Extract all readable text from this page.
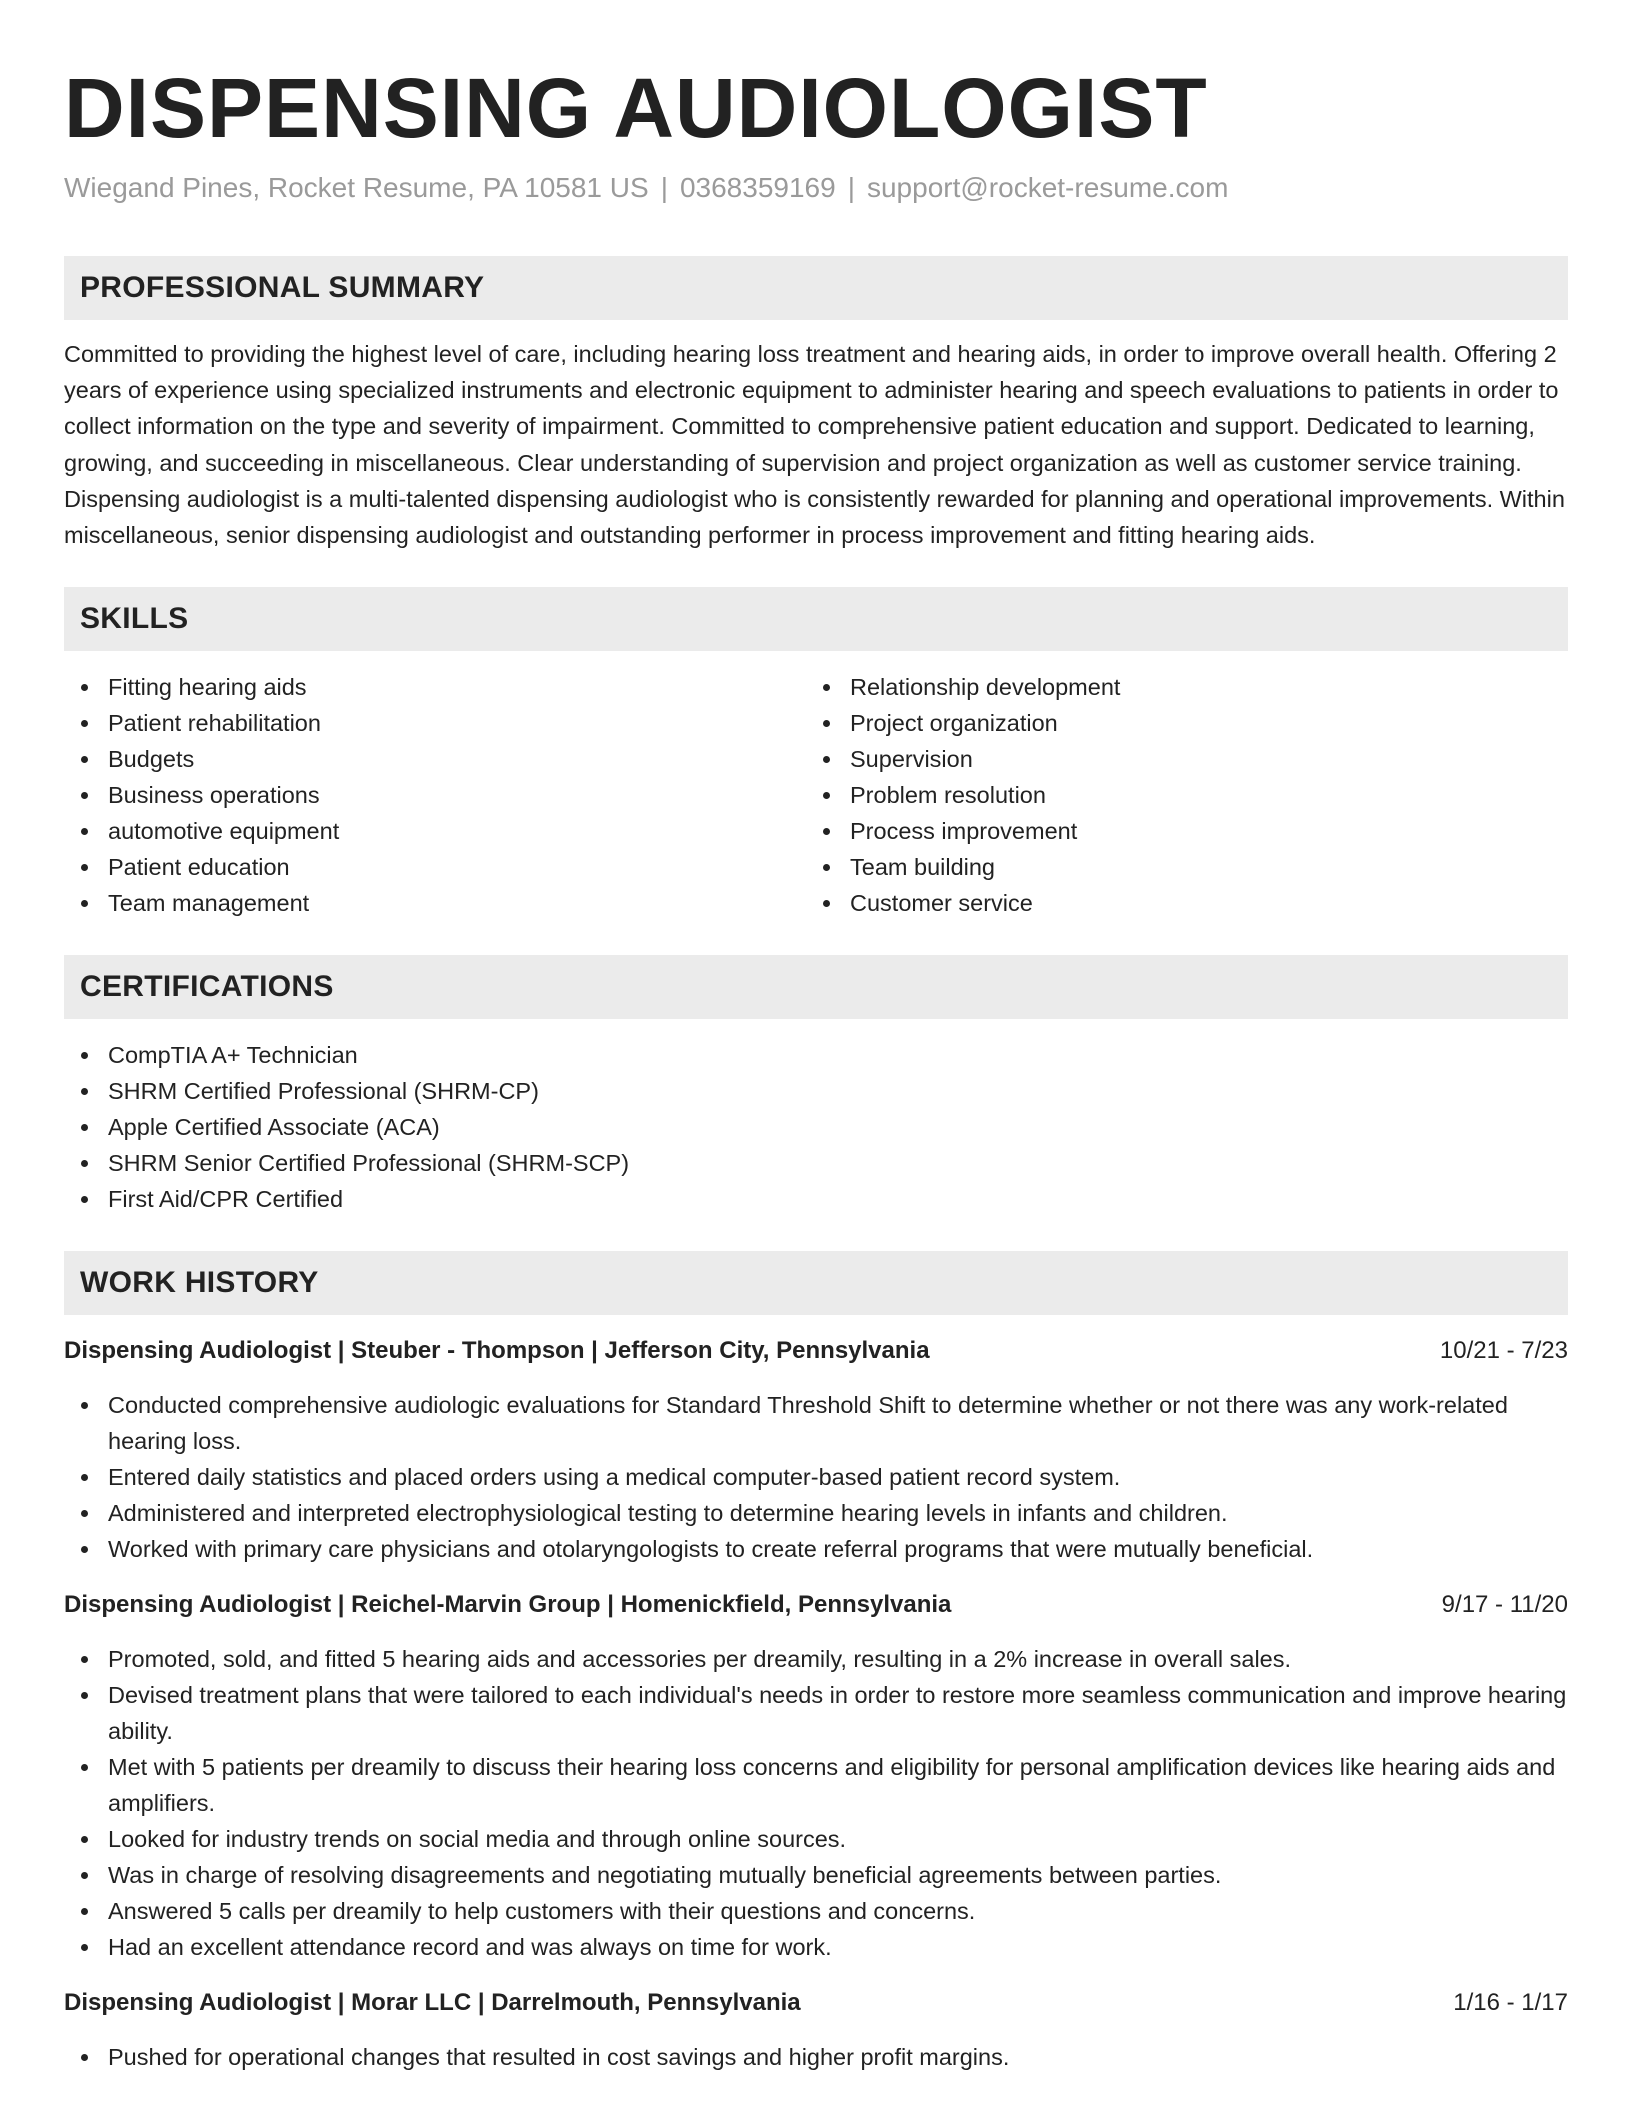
DISPENSING AUDIOLOGIST
Wiegand Pines, Rocket Resume, PA 10581 US | 0368359169 | support@rocket-resume.com
PROFESSIONAL SUMMARY

Committed to providing the highest level of care, including hearing loss treatment and hearing aids, in order to improve overall health. Offering 2 years of experience using specialized instruments and electronic equipment to administer hearing and speech evaluations to patients in order to collect information on the type and severity of impairment. Committed to comprehensive patient education and support. Dedicated to learning, growing, and succeeding in miscellaneous. Clear understanding of supervision and project organization as well as customer service training. Dispensing audiologist is a multi-talented dispensing audiologist who is consistently rewarded for planning and operational improvements. Within miscellaneous, senior dispensing audiologist and outstanding performer in process improvement and fitting hearing aids.

SKILLS
Fitting hearing aids
Patient rehabilitation
Budgets
Business operations
automotive equipment
Patient education
Team management
Relationship development
Project organization
Supervision
Problem resolution
Process improvement
Team building
Customer service
CERTIFICATIONS
CompTIA A+ Technician
SHRM Certified Professional (SHRM-CP)
Apple Certified Associate (ACA)
SHRM Senior Certified Professional (SHRM-SCP)
First Aid/CPR Certified
WORK HISTORY
Dispensing Audiologist | Steuber - Thompson | Jefferson City, Pennsylvania	10/21 - 7/23
Conducted comprehensive audiologic evaluations for Standard Threshold Shift to determine whether or not there was any work-related hearing loss.
Entered daily statistics and placed orders using a medical computer-based patient record system.
Administered and interpreted electrophysiological testing to determine hearing levels in infants and children.
Worked with primary care physicians and otolaryngologists to create referral programs that were mutually beneficial.
Dispensing Audiologist | Reichel-Marvin Group | Homenickfield, Pennsylvania	9/17 - 11/20
Promoted, sold, and fitted 5 hearing aids and accessories per dreamily, resulting in a 2% increase in overall sales.
Devised treatment plans that were tailored to each individual's needs in order to restore more seamless communication and improve hearing ability.
Met with 5 patients per dreamily to discuss their hearing loss concerns and eligibility for personal amplification devices like hearing aids and amplifiers.
Looked for industry trends on social media and through online sources.
Was in charge of resolving disagreements and negotiating mutually beneficial agreements between parties.
Answered 5 calls per dreamily to help customers with their questions and concerns.
Had an excellent attendance record and was always on time for work.
Dispensing Audiologist | Morar LLC | Darrelmouth, Pennsylvania	1/16 - 1/17
Pushed for operational changes that resulted in cost savings and higher profit margins.
